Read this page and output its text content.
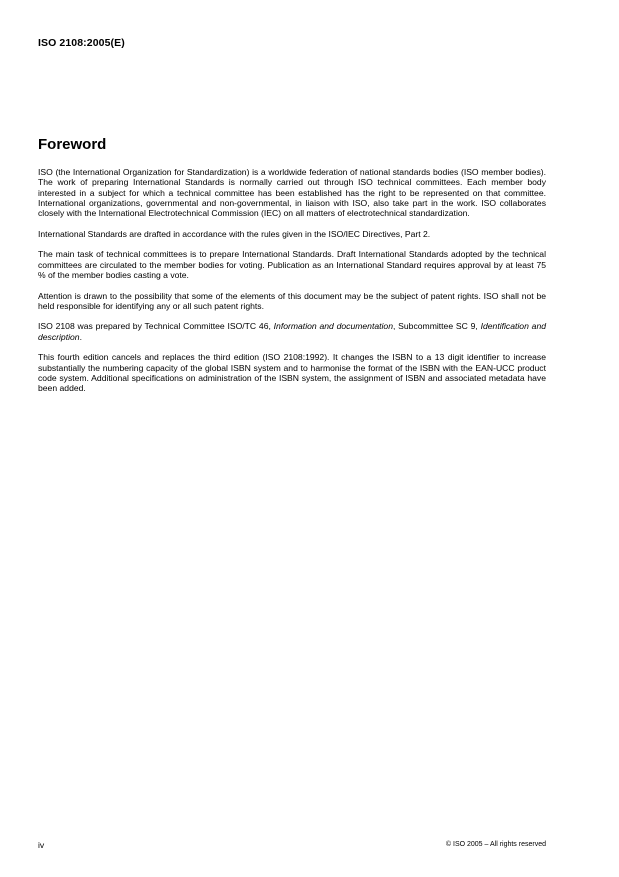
ISO 2108:2005(E)
Foreword

ISO (the International Organization for Standardization) is a worldwide federation of national standards bodies (ISO member bodies). The work of preparing International Standards is normally carried out through ISO technical committees. Each member body interested in a subject for which a technical committee has been established has the right to be represented on that committee. International organizations, governmental and non-governmental, in liaison with ISO, also take part in the work. ISO collaborates closely with the International Electrotechnical Commission (IEC) on all matters of electrotechnical standardization.

International Standards are drafted in accordance with the rules given in the ISO/IEC Directives, Part 2.

The main task of technical committees is to prepare International Standards. Draft International Standards adopted by the technical committees are circulated to the member bodies for voting. Publication as an International Standard requires approval by at least 75 % of the member bodies casting a vote.

Attention is drawn to the possibility that some of the elements of this document may be the subject of patent rights. ISO shall not be held responsible for identifying any or all such patent rights.

ISO 2108 was prepared by Technical Committee ISO/TC 46, Information and documentation, Subcommittee SC 9, Identification and description.

This fourth edition cancels and replaces the third edition (ISO 2108:1992). It changes the ISBN to a 13 digit identifier to increase substantially the numbering capacity of the global ISBN system and to harmonise the format of the ISBN with the EAN-UCC product code system. Additional specifications on administration of the ISBN system, the assignment of ISBN and associated metadata have been added.

iv	© ISO 2005 – All rights reserved
